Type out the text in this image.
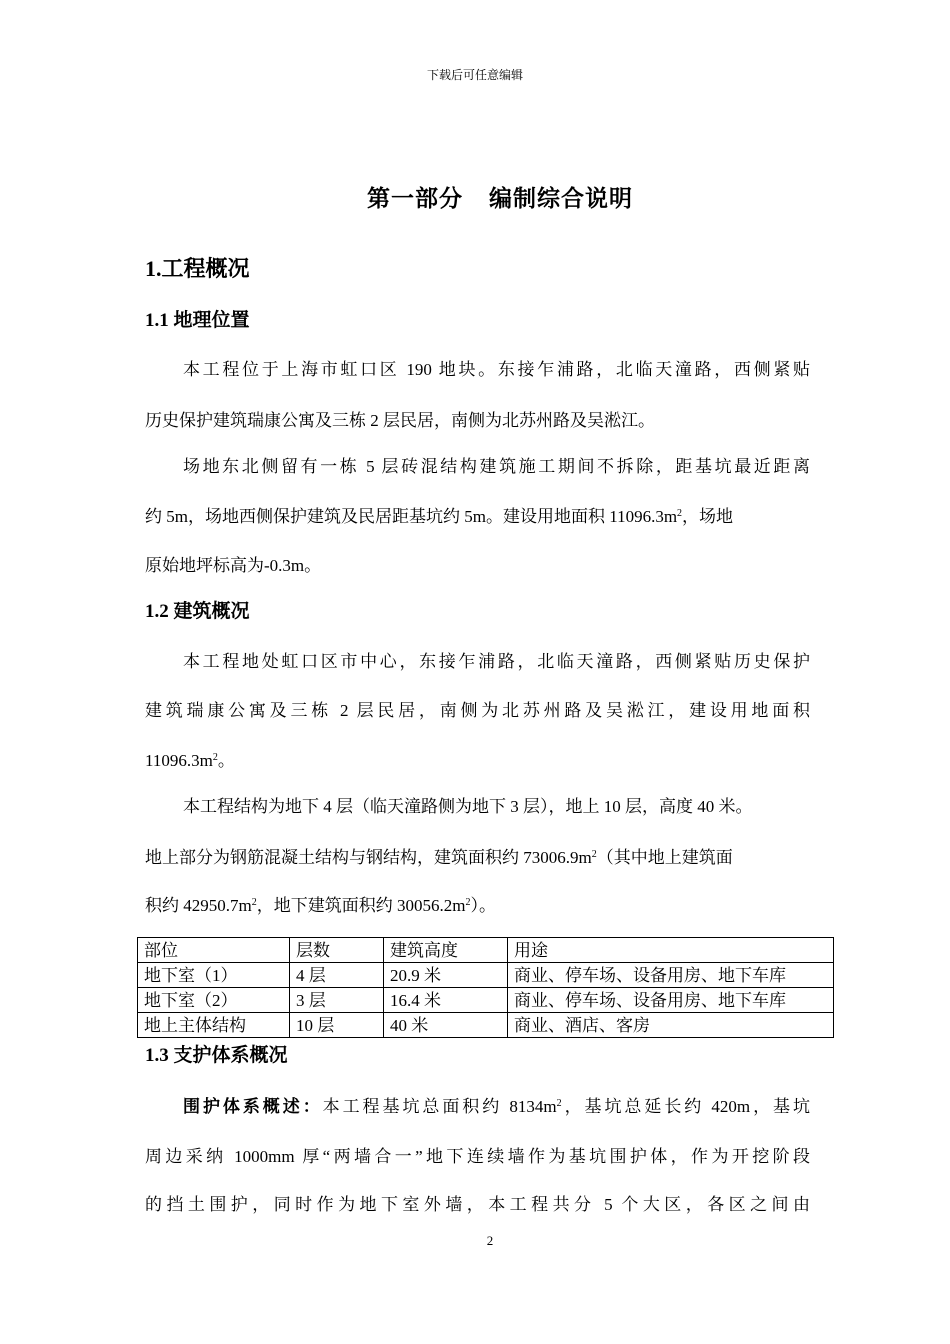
下载后可任意编辑
第一部分 编制综合说明
1.工程概况
1.1 地理位置
本工程位于上海市虹口区 190 地块。东接乍浦路，北临天潼路，西侧紧贴
历史保护建筑瑞康公寓及三栋 2 层民居，南侧为北苏州路及吴淞江。
场地东北侧留有一栋 5 层砖混结构建筑施工期间不拆除，距基坑最近距离
约 5m，场地西侧保护建筑及民居距基坑约 5m。建设用地面积 $11096.3m^2$，场地
原始地坪标高为-0.3m。
1.2 建筑概况
本工程地处虹口区市中心，东接乍浦路，北临天潼路，西侧紧贴历史保护
建筑瑞康公寓及三栋 2 层民居，南侧为北苏州路及吴淞江，建设用地面积
$11096.3m^2$。
本工程结构为地下 4 层（临天潼路侧为地下 3 层），地上 10 层，高度 40 米。
地上部分为钢筋混凝土结构与钢结构，建筑面积约 $73006.9m^2$（其中地上建筑面
积约 $42950.7m^2$，地下建筑面积约 $30056.2m^2$）。
部位	层数	建筑高度	用途
地下室（1）	4 层	20.9 米	商业、停车场、设备用房、地下车库
地下室（2）	3 层	16.4 米	商业、停车场、设备用房、地下车库
地上主体结构	10 层	40 米	商业、酒店、客房
1.3 支护体系概况
围护体系概述：本工程基坑总面积约 $8134m^2$，基坑总延长约 420m，基坑
周边采纳 1000mm 厚“两墙合一”地下连续墙作为基坑围护体，作为开挖阶段
的挡土围护，同时作为地下室外墙，本工程共分 5 个大区，各区之间由
2
